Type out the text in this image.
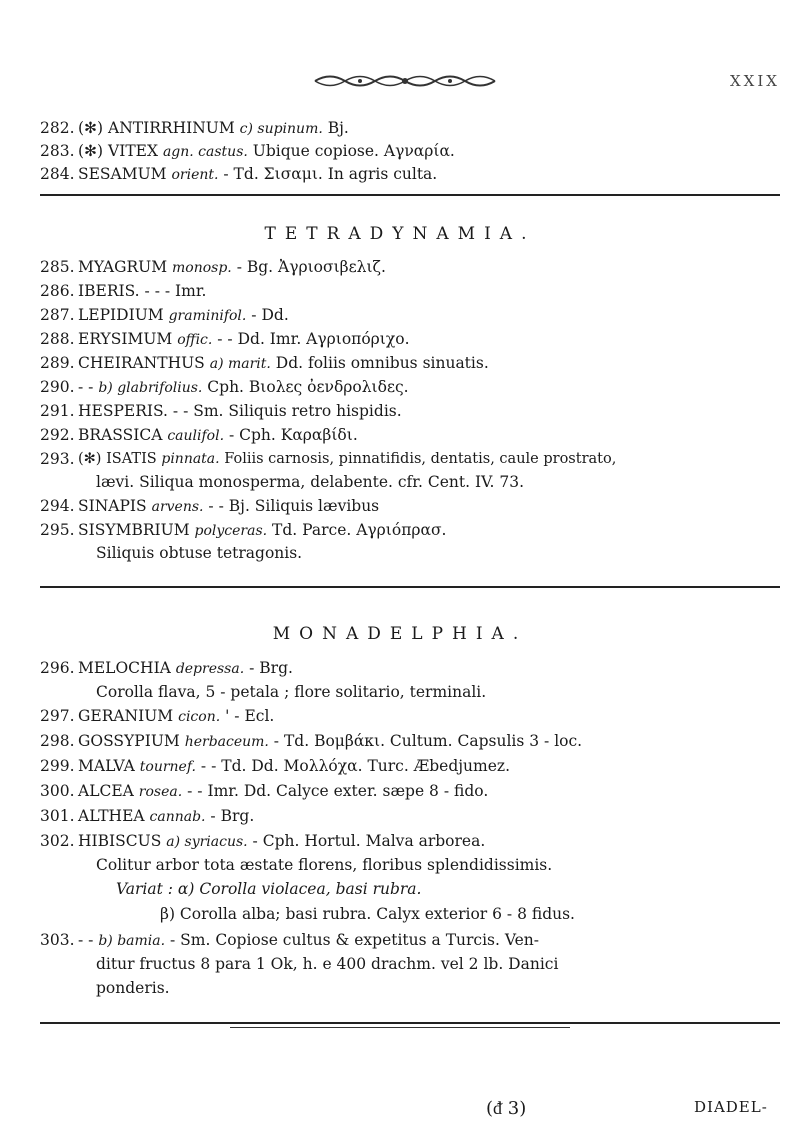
XXIX
282. (✻) ANTIRRHINUM c) supinum. Bj.
283. (✻) VITEX agn. castus. Ubique copiose. Αγναρία.
284. SESAMUM orient. - Td. Σισαμι. In agris culta.
TETRADYNAMIA.
285. MYAGRUM monosp. - Bg. Ἀγριοσιβελιζ.
286. IBERIS. - - - Imr.
287. LEPIDIUM graminifol. - Dd.
288. ERYSIMUM offic. - - Dd. Imr. Αγριοπόριχο.
289. CHEIRANTHUS a) marit. Dd. foliis omnibus sinuatis.
290. - - b) glabrifolius. Cph. Βιολες ὀενδρολιδες.
291. HESPERIS. - - Sm. Siliquis retro hispidis.
292. BRASSICA caulifol. - Cph. Καραβίδι.
293. (✻) ISATIS pinnata. Foliis carnosis, pinnatifidis, dentatis, caule prostrato,
lævi. Siliqua monosperma, delabente. cfr. Cent. IV. 73.
294. SINAPIS arvens. - - Bj. Siliquis lævibus
295. SISYMBRIUM polyceras. Td. Parce. Αγριόπρασ.
Siliquis obtuse tetragonis.
MONADELPHIA.
296. MELOCHIA depressa. - Brg.
Corolla flava, 5 - petala ; flore solitario, terminali.
297. GERANIUM cicon. ' - Ecl.
298. GOSSYPIUM herbaceum. - Td. Βομβάκι. Cultum. Capsulis 3 - loc.
299. MALVA tournef. - - Td. Dd. Μολλόχα. Turc. Æbedjumez.
300. ALCEA rosea. - - Imr. Dd. Calyce exter. sæpe 8 - fido.
301. ALTHEA cannab. - Brg.
302. HIBISCUS a) syriacus. - Cph. Hortul. Malva arborea.
Colitur arbor tota æstate florens, floribus splendidissimis.
Variat : α) Corolla violacea, basi rubra.
β) Corolla alba; basi rubra. Calyx exterior 6 - 8 fidus.
303. - - b) bamia. - Sm. Copiose cultus & expetitus a Turcis. Ven-
ditur fructus 8 para 1 Ok, h. e 400 drachm. vel 2 lb. Danici
ponderis.
(ᵭ 3)	DIADEL-
